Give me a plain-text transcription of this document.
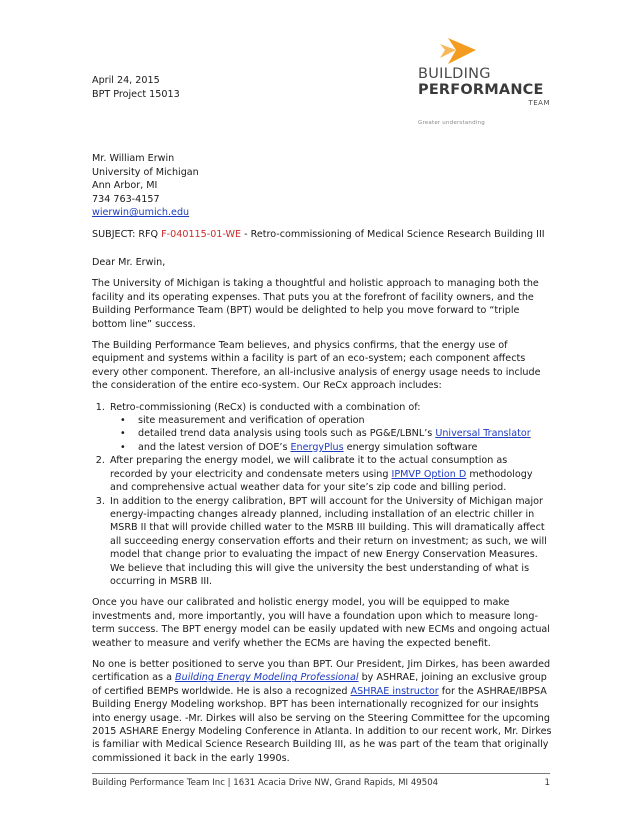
April 24, 2015
BPT Project 15013
BUILDING
PERFORMANCE
TEAM
Greater understanding
Mr. William Erwin
University of Michigan
Ann Arbor, MI
734 763-4157
wierwin@umich.edu
SUBJECT: RFQ F-040115-01-WE - Retro-commissioning of Medical Science Research Building III

Dear Mr. Erwin,

The University of Michigan is taking a thoughtful and holistic approach to managing both the facility and its operating expenses. That puts you at the forefront of facility owners, and the Building Performance Team (BPT) would be delighted to help you move forward to “triple bottom line” success.

The Building Performance Team believes, and physics confirms, that the energy use of equipment and systems within a facility is part of an eco-system; each component affects every other component. Therefore, an all-inclusive analysis of energy usage needs to include the consideration of the entire eco-system. Our ReCx approach includes:

1. Retro-commissioning (ReCx) is conducted with a combination of:
• site measurement and verification of operation
• detailed trend data analysis using tools such as PG&E/LBNL’s Universal Translator
• and the latest version of DOE’s EnergyPlus energy simulation software
2. After preparing the energy model, we will calibrate it to the actual consumption as recorded by your electricity and condensate meters using IPMVP Option D methodology and comprehensive actual weather data for your site’s zip code and billing period.
3. In addition to the energy calibration, BPT will account for the University of Michigan major energy-impacting changes already planned, including installation of an electric chiller in MSRB II that will provide chilled water to the MSRB III building. This will dramatically affect all succeeding energy conservation efforts and their return on investment; as such, we will model that change prior to evaluating the impact of new Energy Conservation Measures. We believe that including this will give the university the best understanding of what is occurring in MSRB III.

Once you have our calibrated and holistic energy model, you will be equipped to make investments and, more importantly, you will have a foundation upon which to measure long-term success. The BPT energy model can be easily updated with new ECMs and ongoing actual weather to measure and verify whether the ECMs are having the expected benefit.

No one is better positioned to serve you than BPT. Our President, Jim Dirkes, has been awarded certification as a Building Energy Modeling Professional by ASHRAE, joining an exclusive group of certified BEMPs worldwide. He is also a recognized ASHRAE instructor for the ASHRAE/IBPSA Building Energy Modeling workshop. BPT has been internationally recognized for our insights into energy usage. -Mr. Dirkes will also be serving on the Steering Committee for the upcoming 2015 ASHARE Energy Modeling Conference in Atlanta. In addition to our recent work, Mr. Dirkes is familiar with Medical Science Research Building III, as he was part of the team that originally commissioned it back in the early 1990s.

Building Performance Team Inc | 1631 Acacia Drive NW, Grand Rapids, MI 49504	1
